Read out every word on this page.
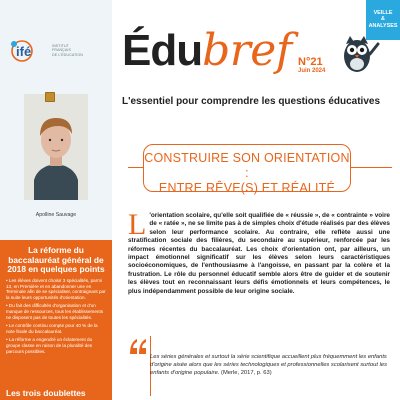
ifé	INSTITUT
FRANÇAIS
DE L'ÉDUCATION
Apolline Sauvage
La réforme du baccalauréat général de 2018 en quelques points
• Les élèves doivent choisir 3 spécialités, parmi 13, en Première et en abandonner une en Terminale afin de se spécialiser, contraignant par la suite leurs opportunités d'orientation.
• Du fait des difficultés d'organisation et d'un manque de ressources, tous les établissements ne disposent pas de toutes les spécialités.
• Le contrôle continu compte pour 40 % de la note finale du baccalauréat.
• La réforme a engendré un éclatement du groupe classe en raison de la pluralité des parcours possibles.
Les trois doublettes
Édubref N°21
Juin 2024
VEILLE
& ANALYSES
L'essentiel pour comprendre les questions éducatives
CONSTRUIRE SON ORIENTATION :
ENTRE RÊVE(S) ET RÉALITÉ
L 'orientation scolaire, qu'elle soit qualifiée de « réussie », de « contrainte » voire de « ratée », ne se limite pas à de simples choix d'étude réalisés par des élèves selon leur performance scolaire. Au contraire, elle reflète aussi une stratification sociale des filières, du secondaire au supérieur, renforcée par les réformes récentes du baccalauréat. Les choix d'orientation ont, par ailleurs, un impact émotionnel significatif sur les élèves selon leurs caractéristiques socioéconomiques, de l'enthousiasme à l'angoisse, en passant par la colère et la frustration. Le rôle du personnel éducatif semble alors être de guider et de soutenir les élèves tout en reconnaissant leurs défis émotionnels et leurs compétences, le plus indépendamment possible de leur origine sociale.
Les séries générales et surtout la série scientifique accueillent plus fréquemment les enfants d'origine aisée alors que les séries technologiques et professionnelles scolarisent surtout les enfants d'origine populaire. (Merle, 2017, p. 63)
